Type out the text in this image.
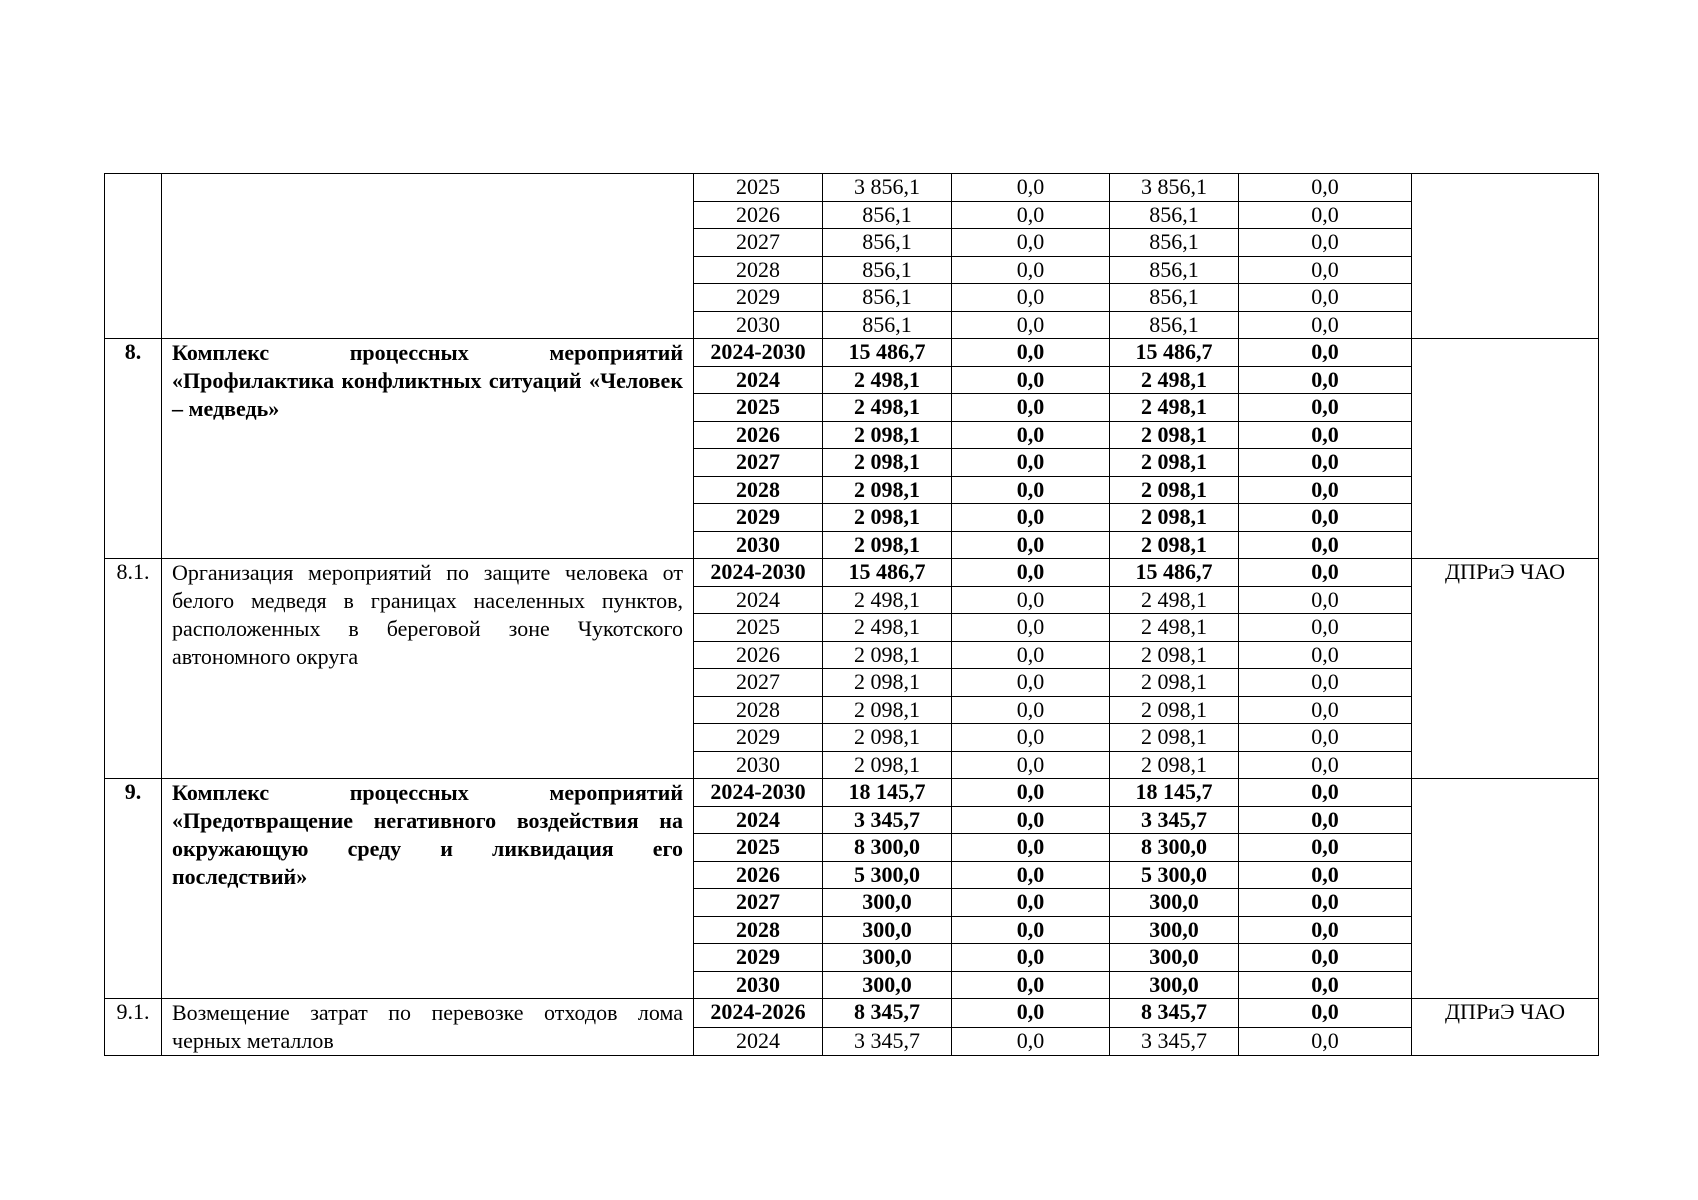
		2025	3 856,1	0,0	3 856,1	0,0	
		2026	856,1	0,0	856,1	0,0	
		2027	856,1	0,0	856,1	0,0	
		2028	856,1	0,0	856,1	0,0	
		2029	856,1	0,0	856,1	0,0	
		2030	856,1	0,0	856,1	0,0	
8.	Комплекс процессных мероприятий «Профилактика конфликтных ситуаций «Человек – медведь»	2024-2030	15 486,7	0,0	15 486,7	0,0	
		2024	2 498,1	0,0	2 498,1	0,0	
		2025	2 498,1	0,0	2 498,1	0,0	
		2026	2 098,1	0,0	2 098,1	0,0	
		2027	2 098,1	0,0	2 098,1	0,0	
		2028	2 098,1	0,0	2 098,1	0,0	
		2029	2 098,1	0,0	2 098,1	0,0	
		2030	2 098,1	0,0	2 098,1	0,0	
8.1.	Организация мероприятий по защите человека от белого медведя в границах населенных пунктов, расположенных в береговой зоне Чукотского автономного округа	2024-2030	15 486,7	0,0	15 486,7	0,0	ДПРиЭ ЧАО
		2024	2 498,1	0,0	2 498,1	0,0	
		2025	2 498,1	0,0	2 498,1	0,0	
		2026	2 098,1	0,0	2 098,1	0,0	
		2027	2 098,1	0,0	2 098,1	0,0	
		2028	2 098,1	0,0	2 098,1	0,0	
		2029	2 098,1	0,0	2 098,1	0,0	
		2030	2 098,1	0,0	2 098,1	0,0	
9.	Комплекс процессных мероприятий «Предотвращение негативного воздействия на окружающую среду и ликвидация его последствий»	2024-2030	18 145,7	0,0	18 145,7	0,0	
		2024	3 345,7	0,0	3 345,7	0,0	
		2025	8 300,0	0,0	8 300,0	0,0	
		2026	5 300,0	0,0	5 300,0	0,0	
		2027	300,0	0,0	300,0	0,0	
		2028	300,0	0,0	300,0	0,0	
		2029	300,0	0,0	300,0	0,0	
		2030	300,0	0,0	300,0	0,0	
9.1.	Возмещение затрат по перевозке отходов лома черных металлов	2024-2026	8 345,7	0,0	8 345,7	0,0	ДПРиЭ ЧАО
		2024	3 345,7	0,0	3 345,7	0,0	
